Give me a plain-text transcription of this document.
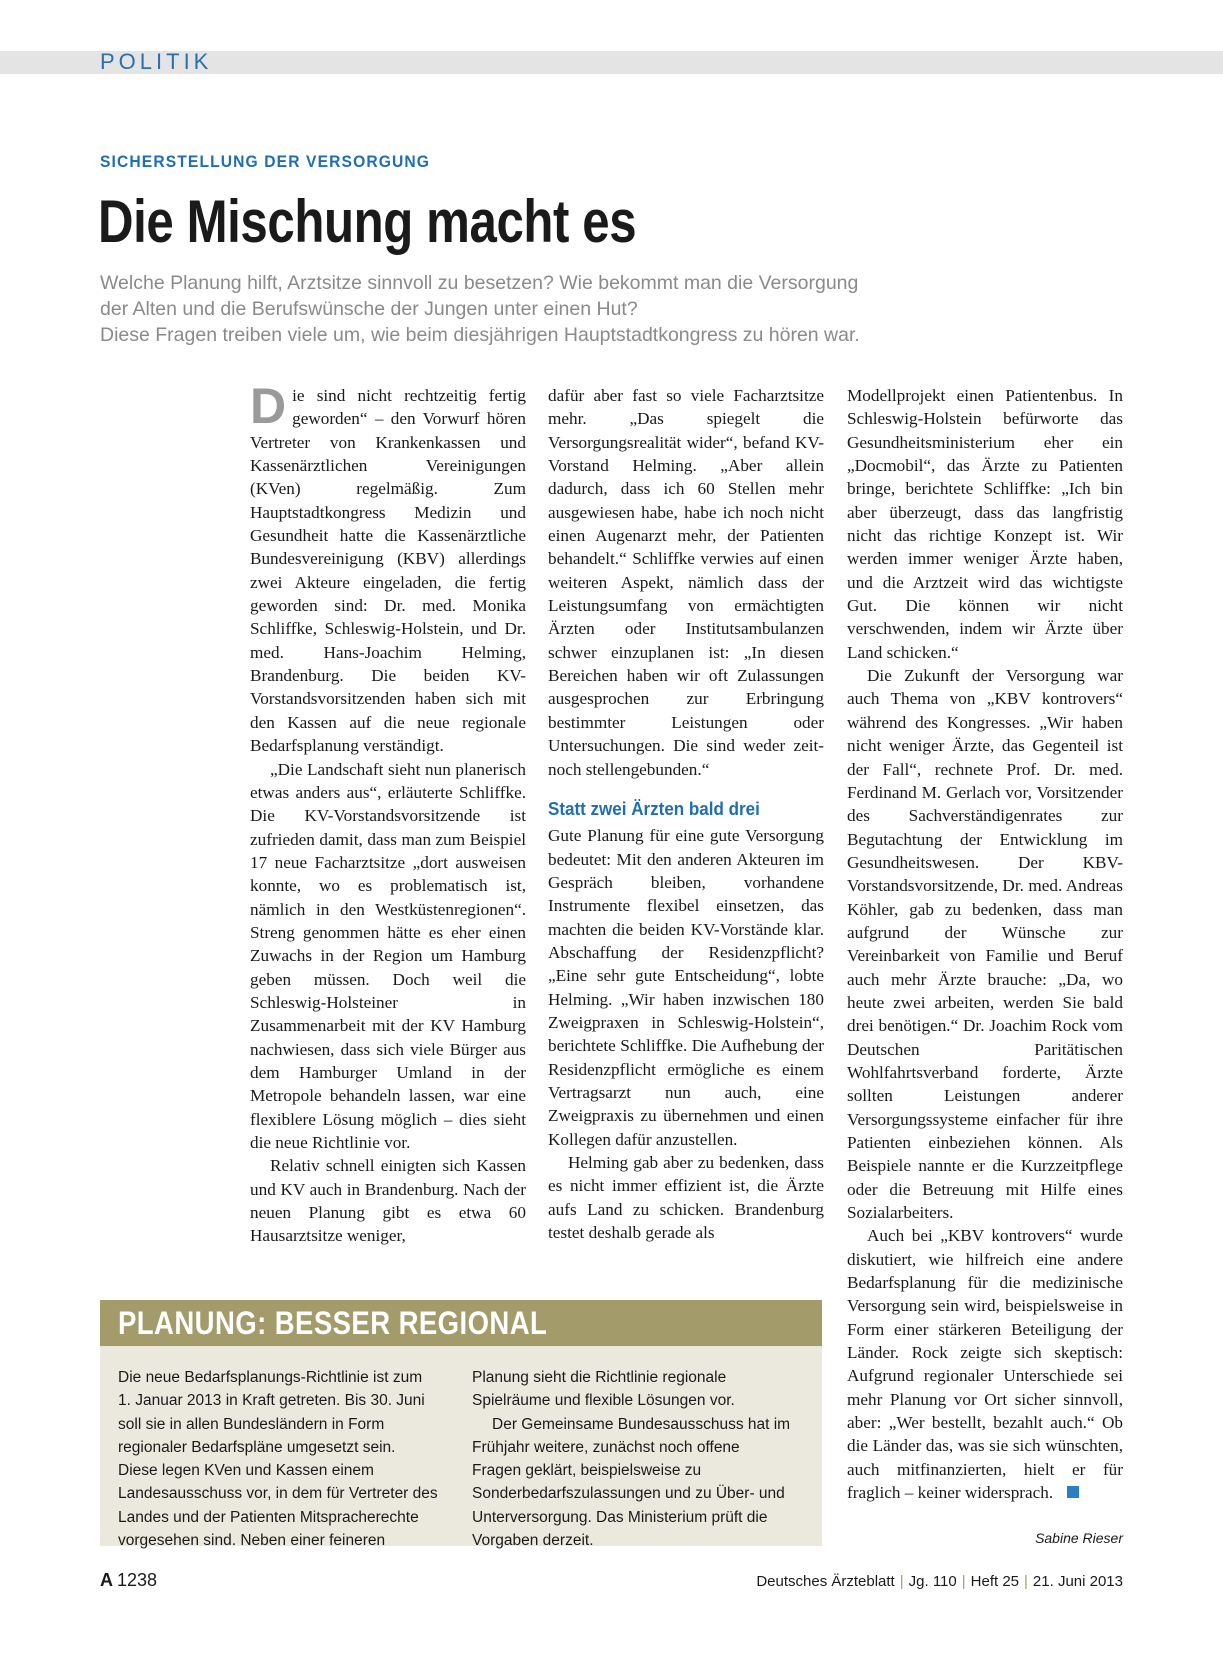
POLITIK
SICHERSTELLUNG DER VERSORGUNG
Die Mischung macht es
Welche Planung hilft, Arztsitze sinnvoll zu besetzen? Wie bekommt man die Versorgung
der Alten und die Berufswünsche der Jungen unter einen Hut?
Diese Fragen treiben viele um, wie beim diesjährigen Hauptstadtkongress zu hören war.

D ie sind nicht rechtzeitig fertig geworden“ – den Vorwurf hören Vertreter von Krankenkassen und Kassenärztlichen Vereinigungen (KVen) regelmäßig. Zum Hauptstadtkongress Medizin und Gesundheit hatte die Kassenärztliche Bundesvereinigung (KBV) allerdings zwei Akteure eingeladen, die fertig geworden sind: Dr. med. Monika Schliffke, Schleswig-Holstein, und Dr. med. Hans-Joachim Helming, Brandenburg. Die beiden KV-Vorstandsvorsitzenden haben sich mit den Kassen auf die neue regionale Bedarfsplanung verständigt.

„Die Landschaft sieht nun planerisch etwas anders aus“, erläuterte Schliffke. Die KV-Vorstandsvorsitzende ist zufrieden damit, dass man zum Beispiel 17 neue Facharztsitze „dort ausweisen konnte, wo es problematisch ist, nämlich in den Westküstenregionen“. Streng genommen hätte es eher einen Zuwachs in der Region um Hamburg geben müssen. Doch weil die Schleswig-Holsteiner in Zusammenarbeit mit der KV Hamburg nachwiesen, dass sich viele Bürger aus dem Hamburger Umland in der Metropole behandeln lassen, war eine flexiblere Lösung möglich – dies sieht die neue Richtlinie vor.

Relativ schnell einigten sich Kassen und KV auch in Brandenburg. Nach der neuen Planung gibt es etwa 60 Hausarztsitze weniger,

dafür aber fast so viele Facharztsitze mehr. „Das spiegelt die Versorgungsrealität wider“, befand KV-Vorstand Helming. „Aber allein dadurch, dass ich 60 Stellen mehr ausgewiesen habe, habe ich noch nicht einen Augenarzt mehr, der Patienten behandelt.“ Schliffke verwies auf einen weiteren Aspekt, nämlich dass der Leistungsumfang von ermächtigten Ärzten oder Institutsambulanzen schwer einzuplanen ist: „In diesen Bereichen haben wir oft Zulassungen ausgesprochen zur Erbringung bestimmter Leistungen oder Untersuchungen. Die sind weder zeit- noch stellengebunden.“

Statt zwei Ärzten bald drei

Gute Planung für eine gute Versorgung bedeutet: Mit den anderen Akteuren im Gespräch bleiben, vorhandene Instrumente flexibel einsetzen, das machten die beiden KV-Vorstände klar. Abschaffung der Residenzpflicht? „Eine sehr gute Entscheidung“, lobte Helming. „Wir haben inzwischen 180 Zweigpraxen in Schleswig-Holstein“, berichtete Schliffke. Die Aufhebung der Residenzpflicht ermögliche es einem Vertragsarzt nun auch, eine Zweigpraxis zu übernehmen und einen Kollegen dafür anzustellen.

Helming gab aber zu bedenken, dass es nicht immer effizient ist, die Ärzte aufs Land zu schicken. Brandenburg testet deshalb gerade als

Modellprojekt einen Patientenbus. In Schleswig-Holstein befürworte das Gesundheitsministerium eher ein „Docmobil“, das Ärzte zu Patienten bringe, berichtete Schliffke: „Ich bin aber überzeugt, dass das langfristig nicht das richtige Konzept ist. Wir werden immer weniger Ärzte haben, und die Arztzeit wird das wichtigste Gut. Die können wir nicht verschwenden, indem wir Ärzte über Land schicken.“

Die Zukunft der Versorgung war auch Thema von „KBV kontrovers“ während des Kongresses. „Wir haben nicht weniger Ärzte, das Gegenteil ist der Fall“, rechnete Prof. Dr. med. Ferdinand M. Gerlach vor, Vorsitzender des Sachverständigenrates zur Begutachtung der Entwicklung im Gesundheitswesen. Der KBV-Vorstandsvorsitzende, Dr. med. Andreas Köhler, gab zu bedenken, dass man aufgrund der Wünsche zur Vereinbarkeit von Familie und Beruf auch mehr Ärzte brauche: „Da, wo heute zwei arbeiten, werden Sie bald drei benötigen.“ Dr. Joachim Rock vom Deutschen Paritätischen Wohlfahrtsverband forderte, Ärzte sollten Leistungen anderer Versorgungssysteme einfacher für ihre Patienten einbeziehen können. Als Beispiele nannte er die Kurzzeitpflege oder die Betreuung mit Hilfe eines Sozialarbeiters.

Auch bei „KBV kontrovers“ wurde diskutiert, wie hilfreich eine andere Bedarfsplanung für die medizinische Versorgung sein wird, beispielsweise in Form einer stärkeren Beteiligung der Länder. Rock zeigte sich skeptisch: Aufgrund regionaler Unterschiede sei mehr Planung vor Ort sicher sinnvoll, aber: „Wer bestellt, bezahlt auch.“ Ob die Länder das, was sie sich wünschten, auch mitfinanzierten, hielt er für fraglich – keiner widersprach.

Sabine Rieser
PLANUNG: BESSER REGIONAL

Die neue Bedarfsplanungs-Richtlinie ist zum 1. Januar 2013 in Kraft getreten. Bis 30. Juni soll sie in allen Bundesländern in Form regionaler Bedarfspläne umgesetzt sein. Diese legen KVen und Kassen einem Landesausschuss vor, in dem für Vertreter des Landes und der Patienten Mitspracherechte vorgesehen sind. Neben einer feineren

Planung sieht die Richtlinie regionale Spielräume und flexible Lösungen vor.

Der Gemeinsame Bundesausschuss hat im Frühjahr weitere, zunächst noch offene Fragen geklärt, beispielsweise zu Sonderbedarfszulassungen und zu Über- und Unterversorgung. Das Ministerium prüft die Vorgaben derzeit.

A 1238	Deutsches Ärzteblatt | Jg. 110 | Heft 25 | 21. Juni 2013
